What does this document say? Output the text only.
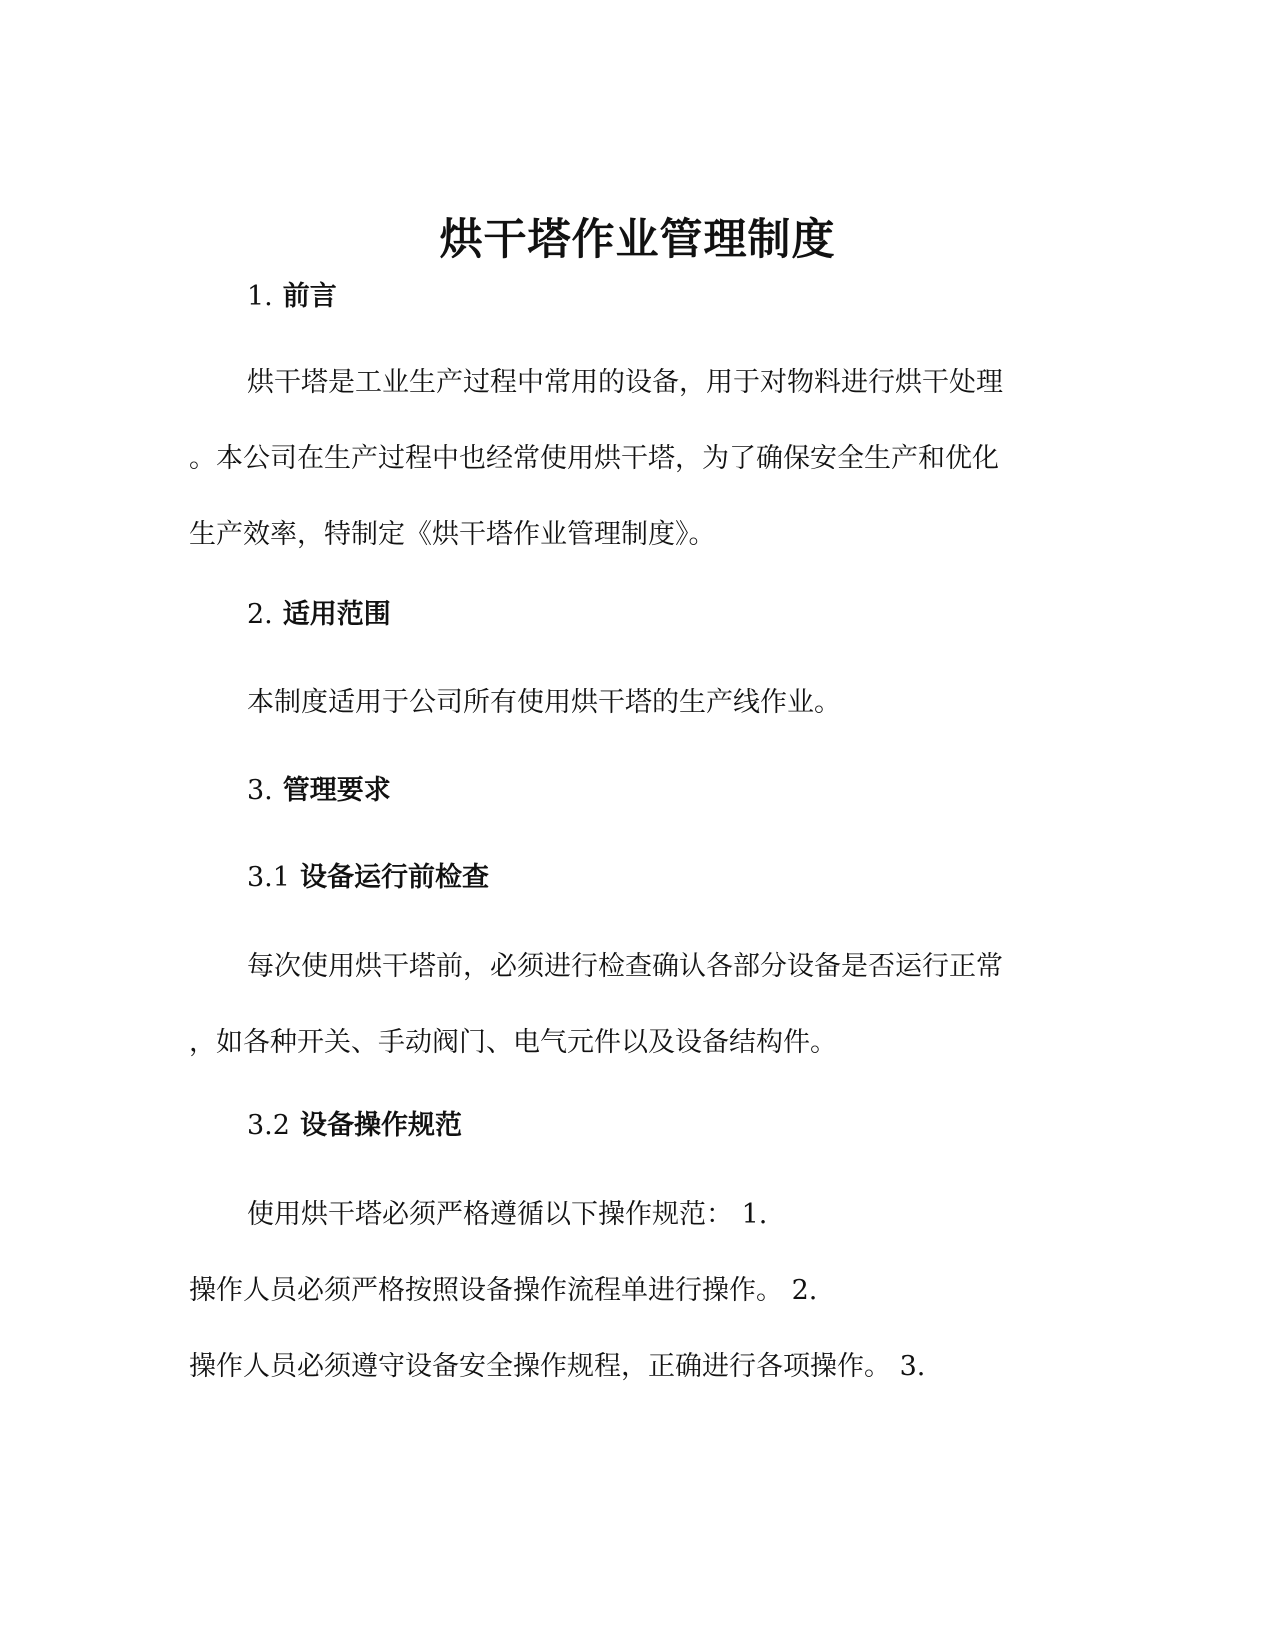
烘干塔作业管理制度
1. 前言
烘干塔是工业生产过程中常用的设备，用于对物料进行烘干处理
。本公司在生产过程中也经常使用烘干塔，为了确保安全生产和优化
生产效率，特制定《烘干塔作业管理制度》。
2. 适用范围
本制度适用于公司所有使用烘干塔的生产线作业。
3. 管理要求
3.1 设备运行前检查
每次使用烘干塔前，必须进行检查确认各部分设备是否运行正常
，如各种开关、手动阀门、电气元件以及设备结构件。
3.2 设备操作规范
使用烘干塔必须严格遵循以下操作规范： 1.
操作人员必须严格按照设备操作流程单进行操作。 2.
操作人员必须遵守设备安全操作规程，正确进行各项操作。 3.
